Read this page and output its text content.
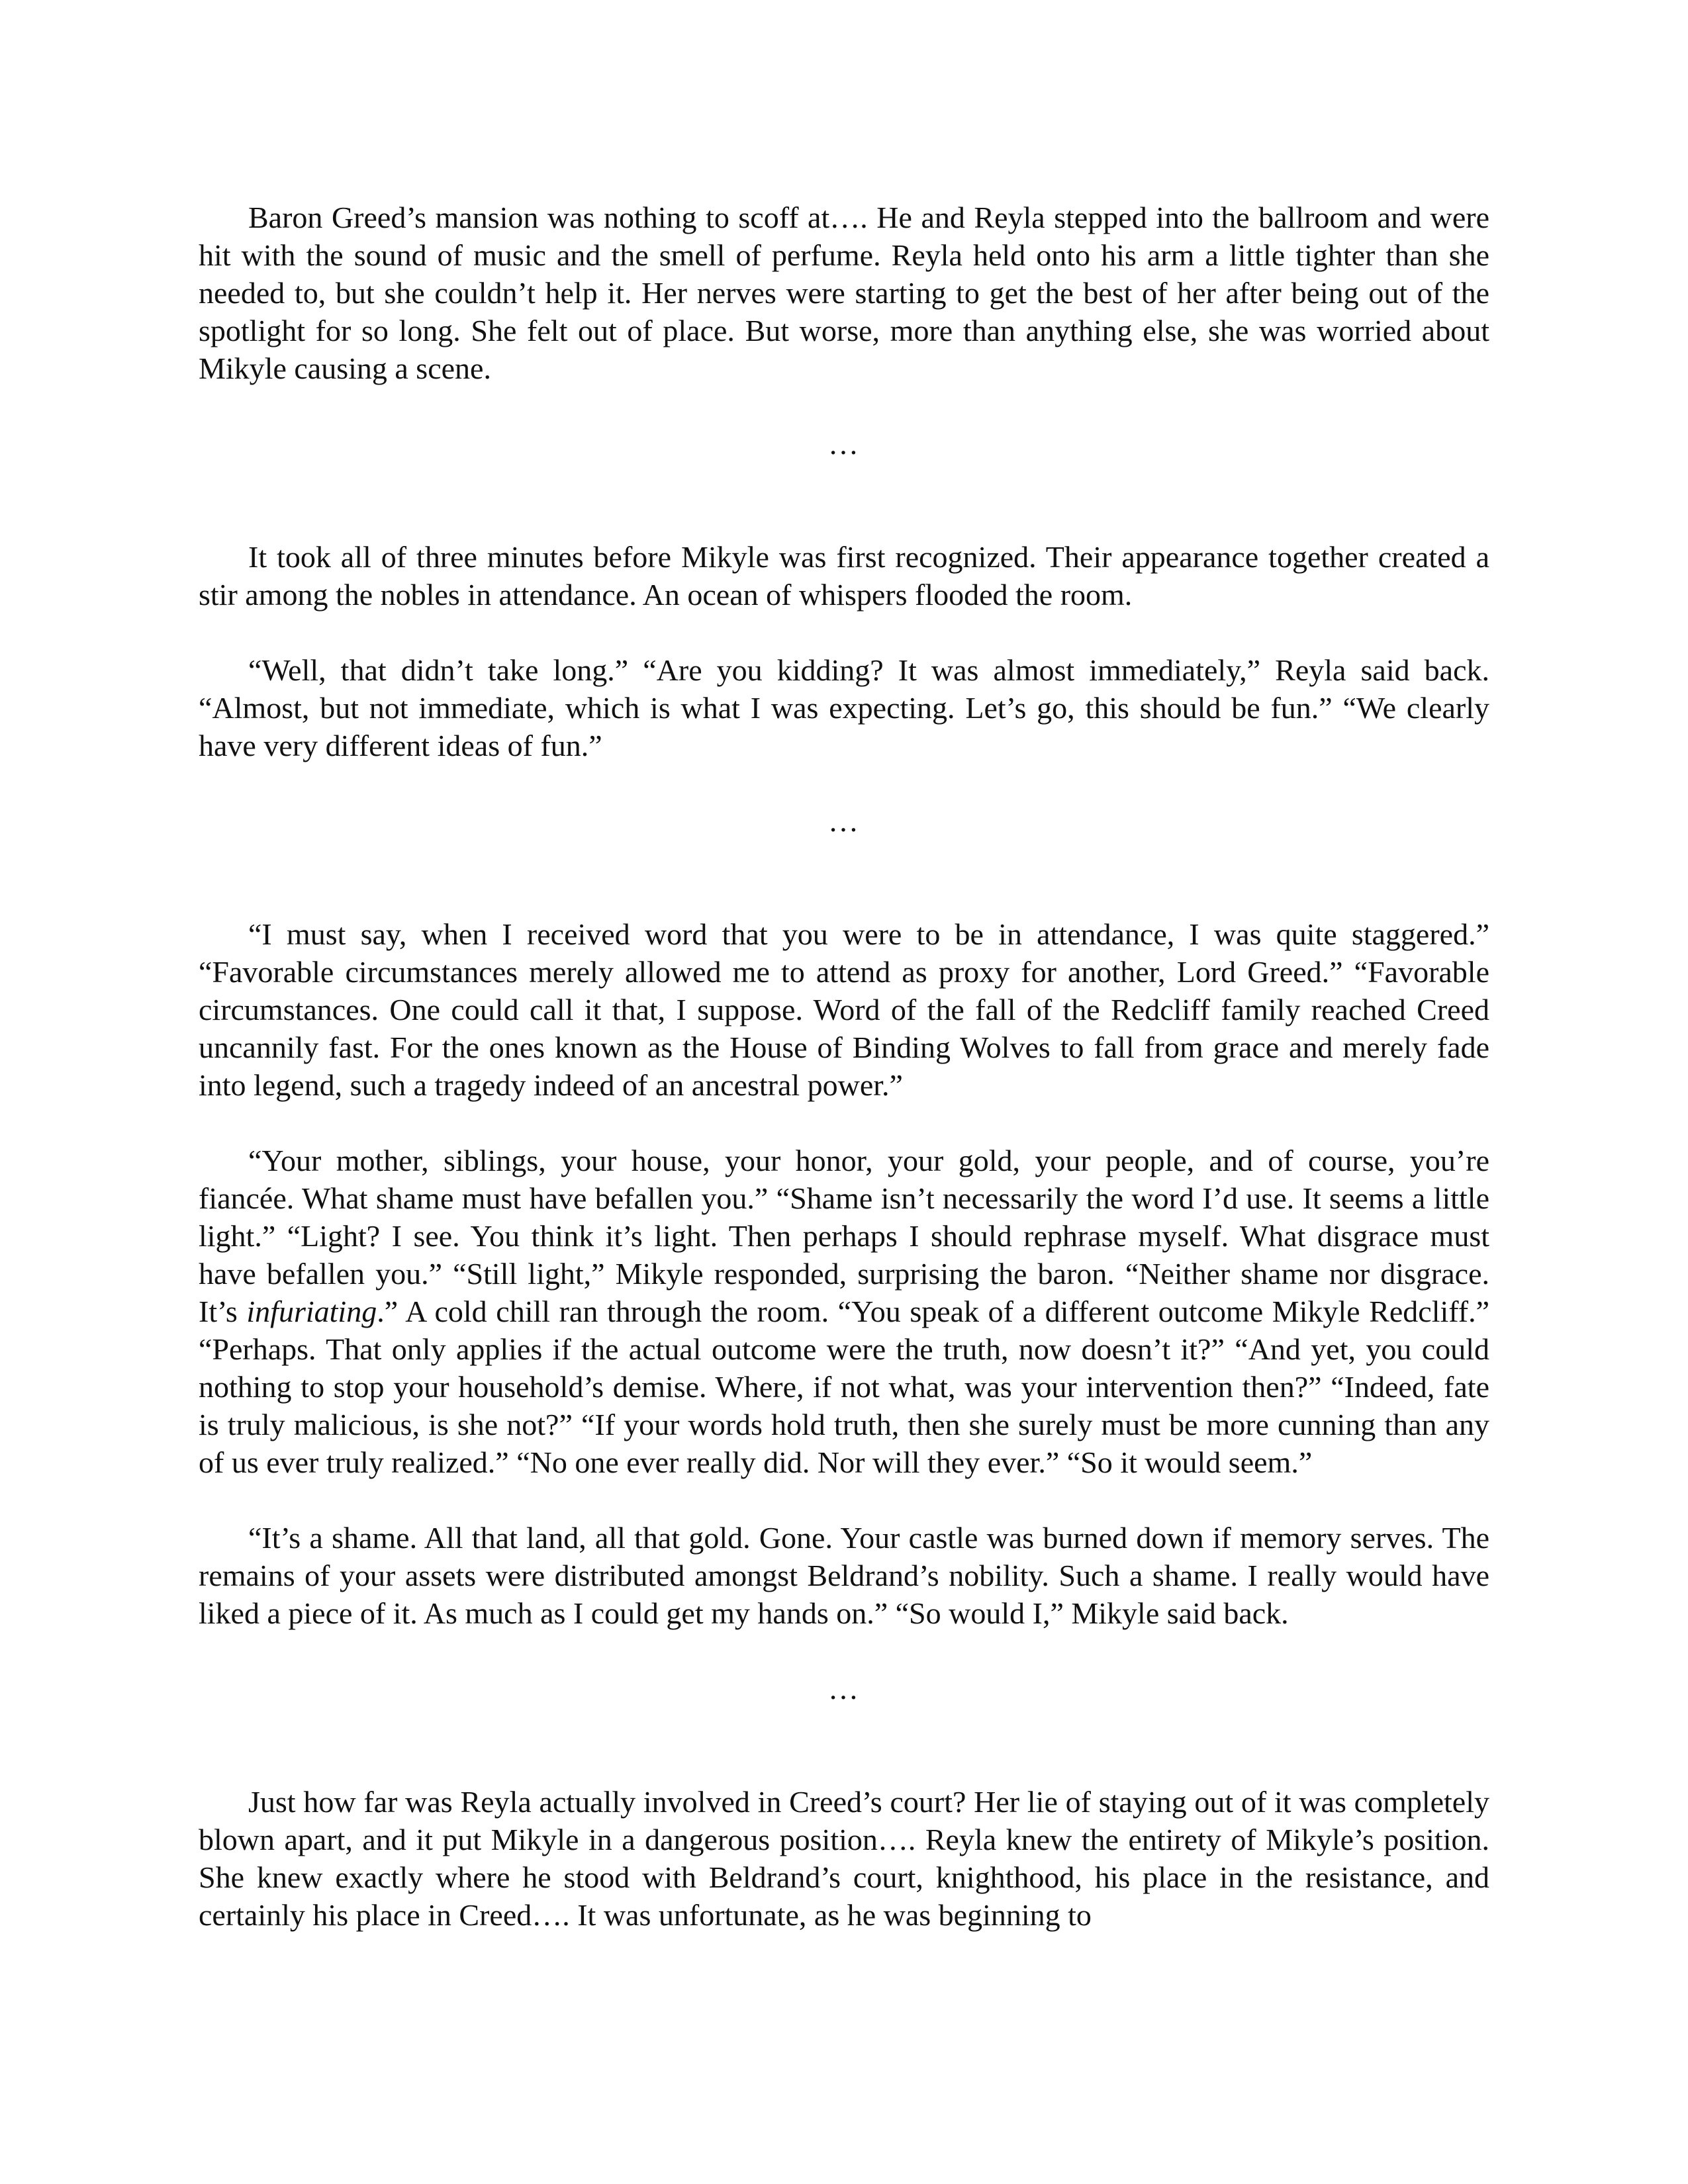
Baron Greed’s mansion was nothing to scoff at…. He and Reyla stepped into the ballroom and were hit with the sound of music and the smell of perfume. Reyla held onto his arm a little tighter than she needed to, but she couldn’t help it. Her nerves were starting to get the best of her after being out of the spotlight for so long. She felt out of place. But worse, more than anything else, she was worried about Mikyle causing a scene.

…

It took all of three minutes before Mikyle was first recognized. Their appearance together created a stir among the nobles in attendance. An ocean of whispers flooded the room.

“Well, that didn’t take long.” “Are you kidding? It was almost immediately,” Reyla said back. “Almost, but not immediate, which is what I was expecting. Let’s go, this should be fun.” “We clearly have very different ideas of fun.”

…

“I must say, when I received word that you were to be in attendance, I was quite staggered.” “Favorable circumstances merely allowed me to attend as proxy for another, Lord Greed.” “Favorable circumstances. One could call it that, I suppose. Word of the fall of the Redcliff family reached Creed uncannily fast. For the ones known as the House of Binding Wolves to fall from grace and merely fade into legend, such a tragedy indeed of an ancestral power.”

“Your mother, siblings, your house, your honor, your gold, your people, and of course, you’re fiancée. What shame must have befallen you.” “Shame isn’t necessarily the word I’d use. It seems a little light.” “Light? I see. You think it’s light. Then perhaps I should rephrase myself. What disgrace must have befallen you.” “Still light,” Mikyle responded, surprising the baron. “Neither shame nor disgrace. It’s infuriating.” A cold chill ran through the room. “You speak of a different outcome Mikyle Redcliff.” “Perhaps. That only applies if the actual outcome were the truth, now doesn’t it?” “And yet, you could nothing to stop your household’s demise. Where, if not what, was your intervention then?” “Indeed, fate is truly malicious, is she not?” “If your words hold truth, then she surely must be more cunning than any of us ever truly realized.” “No one ever really did. Nor will they ever.” “So it would seem.”

“It’s a shame. All that land, all that gold. Gone. Your castle was burned down if memory serves. The remains of your assets were distributed amongst Beldrand’s nobility. Such a shame. I really would have liked a piece of it. As much as I could get my hands on.” “So would I,” Mikyle said back.

…

Just how far was Reyla actually involved in Creed’s court? Her lie of staying out of it was completely blown apart, and it put Mikyle in a dangerous position…. Reyla knew the entirety of Mikyle’s position. She knew exactly where he stood with Beldrand’s court, knighthood, his place in the resistance, and certainly his place in Creed…. It was unfortunate, as he was beginning to
